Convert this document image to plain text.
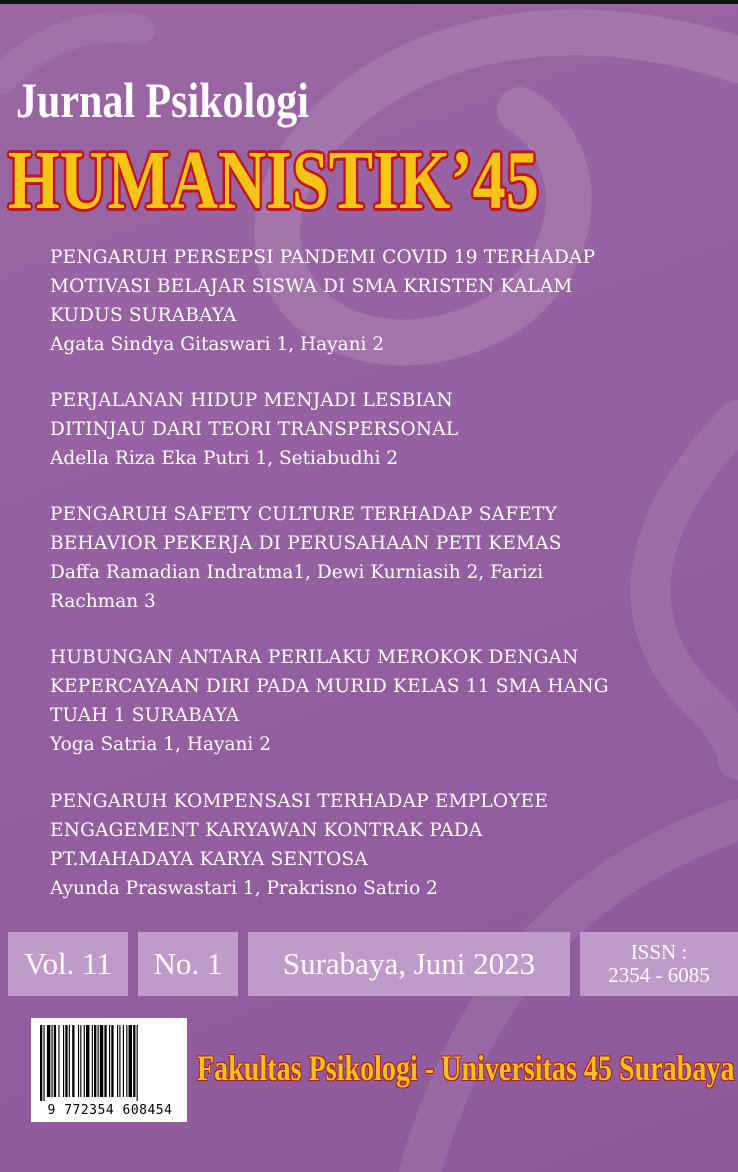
Jurnal Psikologi
HUMANISTIK’45
PENGARUH PERSEPSI PANDEMI COVID 19 TERHADAP
MOTIVASI BELAJAR SISWA DI SMA KRISTEN KALAM
KUDUS SURABAYA
Agata Sindya Gitaswari 1, Hayani 2
PERJALANAN HIDUP MENJADI LESBIAN
DITINJAU DARI TEORI TRANSPERSONAL
Adella Riza Eka Putri 1, Setiabudhi 2
PENGARUH SAFETY CULTURE TERHADAP SAFETY
BEHAVIOR PEKERJA DI PERUSAHAAN PETI KEMAS
Daffa Ramadian Indratma1, Dewi Kurniasih 2, Farizi
Rachman 3
HUBUNGAN ANTARA PERILAKU MEROKOK DENGAN
KEPERCAYAAN DIRI PADA MURID KELAS 11 SMA HANG
TUAH 1 SURABAYA
Yoga Satria 1, Hayani 2
PENGARUH KOMPENSASI TERHADAP EMPLOYEE
ENGAGEMENT KARYAWAN KONTRAK PADA
PT.MAHADAYA KARYA SENTOSA
Ayunda Praswastari 1, Prakrisno Satrio 2
Vol. 11 No. 1 Surabaya, Juni 2023	ISSN :
2354 - 6085
9 772354 608454
Fakultas Psikologi - Universitas 45 Surabaya
